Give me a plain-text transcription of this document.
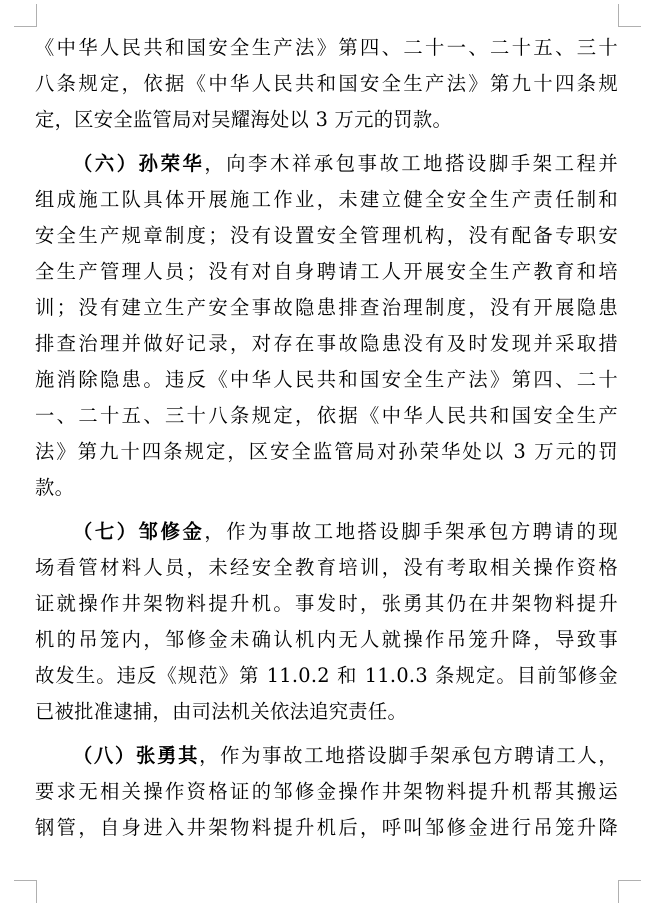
《中华人民共和国安全生产法》第四、二十一、二十五、三十
八条规定，依据《中华人民共和国安全生产法》第九十四条规
定，区安全监管局对吴耀海处以 3 万元的罚款。
（六）孙荣华，向李木祥承包事故工地搭设脚手架工程并
组成施工队具体开展施工作业，未建立健全安全生产责任制和
安全生产规章制度；没有设置安全管理机构，没有配备专职安
全生产管理人员；没有对自身聘请工人开展安全生产教育和培
训；没有建立生产安全事故隐患排查治理制度，没有开展隐患
排查治理并做好记录，对存在事故隐患没有及时发现并采取措
施消除隐患。违反《中华人民共和国安全生产法》第四、二十
一、二十五、三十八条规定，依据《中华人民共和国安全生产
法》第九十四条规定，区安全监管局对孙荣华处以 3 万元的罚
款。
（七）邹修金，作为事故工地搭设脚手架承包方聘请的现
场看管材料人员，未经安全教育培训，没有考取相关操作资格
证就操作井架物料提升机。事发时，张勇其仍在井架物料提升
机的吊笼内，邹修金未确认机内无人就操作吊笼升降，导致事
故发生。违反《规范》第 11.0.2 和 11.0.3 条规定。目前邹修金
已被批准逮捕，由司法机关依法追究责任。
（八）张勇其，作为事故工地搭设脚手架承包方聘请工人，
要求无相关操作资格证的邹修金操作井架物料提升机帮其搬运
钢管，自身进入井架物料提升机后，呼叫邹修金进行吊笼升降
